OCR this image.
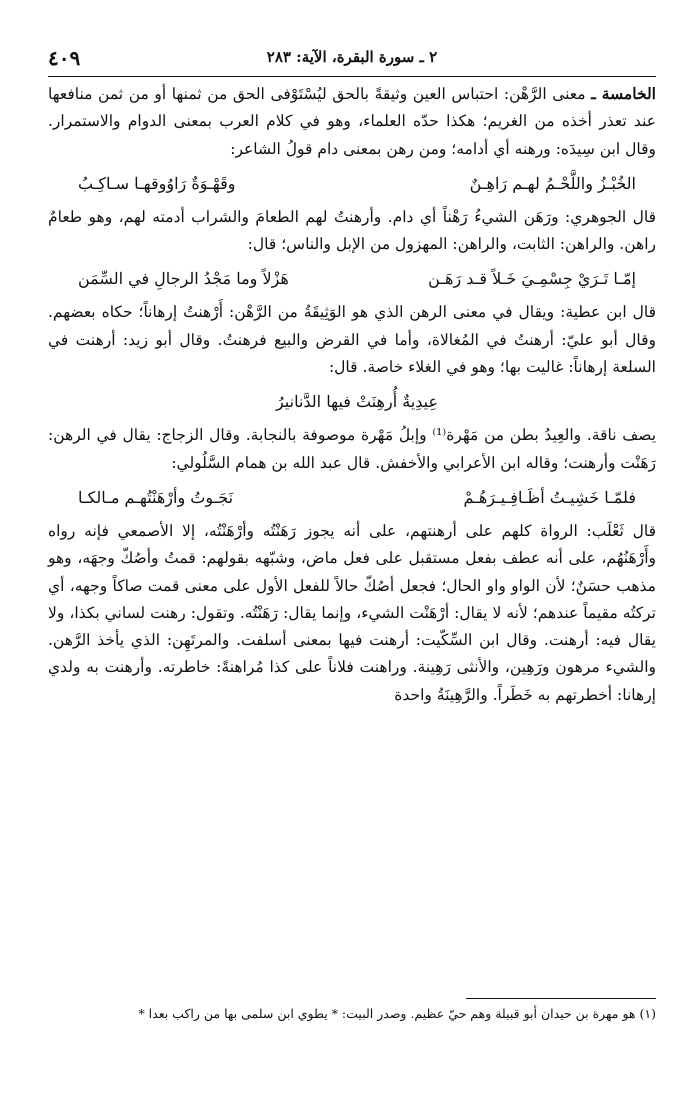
٤٠٩	٢ ـ سورة البقرة، الآية: ٢٨٣

الخامسة ـ معنى الرَّهْن: احتباس العين وثيقةً بالحق ليُسْتَوْفى الحق من ثمنها أو من ثمن منافعها عند تعذر أخذه من الغريم؛ هكذا حدّه العلماء، وهو في كلام العرب بمعنى الدوام والاستمرار. وقال ابن سِيدَه: ورهنه أي أدامه؛ ومن رهن بمعنى دام قولُ الشاعر:

الخُبْـزُ واللَّحْـمُ لهـم رَاهِـنٌ
وقَهْـوَةٌ رَاوُوقهـا سـاكِـبُ

قال الجوهري: ورَهَن الشيءُ رَهْناً أي دام. وأرهنتُ لهم الطعامَ والشراب أدمته لهم، وهو طعامٌ راهن. والراهن: الثابت، والراهن: المهزول من الإبل والناس؛ قال:

إمّـا تَـرَيْ جِسْمِـيَ خَـلاً قـد رَهَـن
هَزْلاً وما مَجْدُ الرجالِ في السِّمَن

قال ابن عطية: ويقال في معنى الرهن الذي هو الوَثِيقَةُ من الرَّهْن: أَرْهنتُ إرهاناً؛ حكاه بعضهم. وقال أبو عليّ: أرهنتُ في المُغالاة، وأما في القرض والبيع فرهنتُ. وقال أبو زيد: أرهنت في السلعة إرهاناً: غاليت بها؛ وهو في الغلاء خاصة. قال:

عِيدِيةٌ أُرهِنَتْ فيها الدَّنانيرُ

يصف ناقة. والعِيدُ بطن من مَهْرة⁽¹⁾ وإبلُ مَهْرة موصوفة بالنجابة. وقال الزجاج: يقال في الرهن: رَهَنْت وأرهنت؛ وقاله ابن الأعرابي والأخفش. قال عبد الله بن همام السَّلُولي:

فلمّـا خَشِيـتُ أظَـافِـيـرَهُـمْ
نَجَـوتُ وأرْهَنْتُهـم مـالكـا

قال ثَعْلَب: الرواة كلهم على أرهنتهم، على أنه يجوز رَهَنْتُه وأرْهَنْتُه، إلا الأصمعي فإنه رواه وأَرْهَنُهُم، على أنه عطف بفعل مستقبل على فعل ماض، وشبّهه بقولهم: قمتُ وأصُكّ وجهَه، وهو مذهب حسَنٌ؛ لأن الواو واو الحال؛ فجعل أصُكّ حالاً للفعل الأول على معنى قمت صاكاً وجهه، أي تركتُه مقيماً عندهم؛ لأنه لا يقال: أرْهَنْت الشيء، وإنما يقال: رَهَنْتُه. وتقول: رهنت لساني بكذا، ولا يقال فيه: أرهنت. وقال ابن السِّكّيت: أرهنت فيها بمعنى أسلفت. والمرتَهِن: الذي يأخذ الرَّهن. والشيء مرهون ورَهِين، والأنثى رَهِينة. وراهنت فلاناً على كذا مُراهنةً: خاطرته. وأرهنت به ولدي إرهانا: أخطرتهم به خَطَراً. والرَّهِينَةُ واحدة

(١) هو مهرة بن حيدان أبو قبيلة وهم حيّ عظيم. وصدر البيت: * يطوي ابن سلمى بها من راكب بعدا *
